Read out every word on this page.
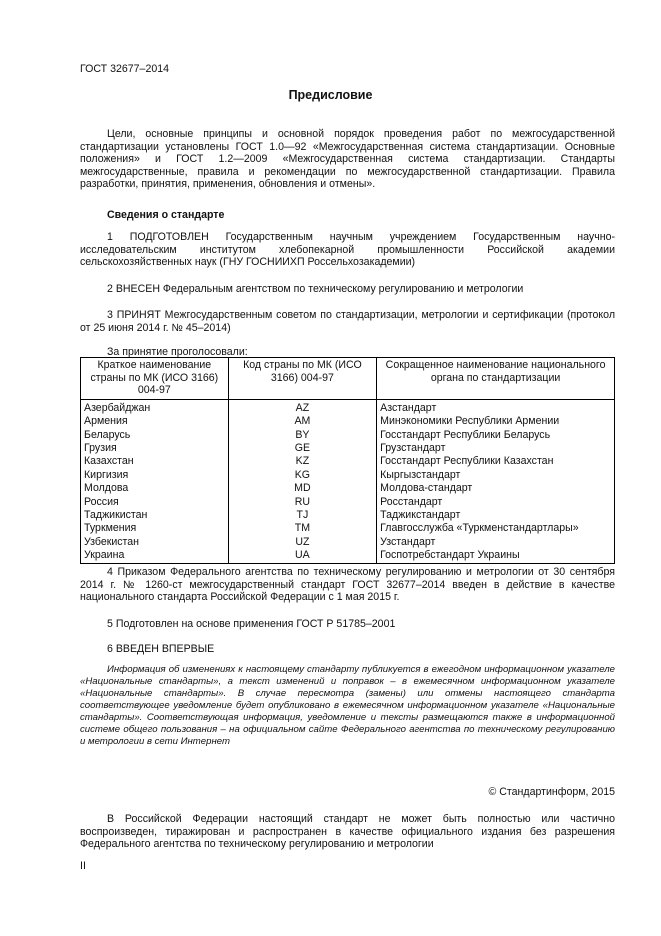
ГОСТ 32677–2014
Предисловие
Цели, основные принципы и основной порядок проведения работ по межгосударственной стандартизации установлены ГОСТ 1.0—92 «Межгосударственная система стандартизации. Основные положения» и ГОСТ 1.2—2009 «Межгосударственная система стандартизации. Стандарты межгосударственные, правила и рекомендации по межгосударственной стандартизации. Правила разработки, принятия, применения, обновления и отмены».
Сведения о стандарте
1 ПОДГОТОВЛЕН Государственным научным учреждением Государственным научно-исследовательским институтом хлебопекарной промышленности Российской академии сельскохозяйственных наук (ГНУ ГОСНИИХП Россельхозакадемии)
2 ВНЕСЕН Федеральным агентством по техническому регулированию и метрологии
3 ПРИНЯТ Межгосударственным советом по стандартизации, метрологии и сертификации (протокол от 25 июня 2014 г. № 45–2014)
За принятие проголосовали:
Краткое наименование страны по МК (ИСО 3166) 004-97	Код страны по МК (ИСО 3166) 004-97	Сокращенное наименование национального органа по стандартизации
Азербайджан	AZ	Азстандарт
Армения	AM	Минэкономики Республики Армении
Беларусь	BY	Госстандарт Республики Беларусь
Грузия	GE	Грузстандарт
Казахстан	KZ	Госстандарт Республики Казахстан
Киргизия	KG	Кыргызстандарт
Молдова	MD	Молдова-стандарт
Россия	RU	Росстандарт
Таджикистан	TJ	Таджикстандарт
Туркмения	TM	Главгосслужба «Туркменстандартлары»
Узбекистан	UZ	Узстандарт
Украина	UA	Госпотребстандарт Украины
4 Приказом Федерального агентства по техническому регулированию и метрологии от 30 сентября 2014 г. № 1260-ст межгосударственный стандарт ГОСТ 32677–2014 введен в действие в качестве национального стандарта Российской Федерации с 1 мая 2015 г.
5 Подготовлен на основе применения ГОСТ Р 51785–2001
6 ВВЕДЕН ВПЕРВЫЕ
Информация об изменениях к настоящему стандарту публикуется в ежегодном информационном указателе «Национальные стандарты», а текст изменений и поправок – в ежемесячном информационном указателе «Национальные стандарты». В случае пересмотра (замены) или отмены настоящего стандарта соответствующее уведомление будет опубликовано в ежемесячном информационном указателе «Национальные стандарты». Соответствующая информация, уведомление и тексты размещаются также в информационной системе общего пользования – на официальном сайте Федерального агентства по техническому регулированию и метрологии в сети Интернет
© Стандартинформ, 2015
В Российской Федерации настоящий стандарт не может быть полностью или частично воспроизведен, тиражирован и распространен в качестве официального издания без разрешения Федерального агентства по техническому регулированию и метрологии
II
